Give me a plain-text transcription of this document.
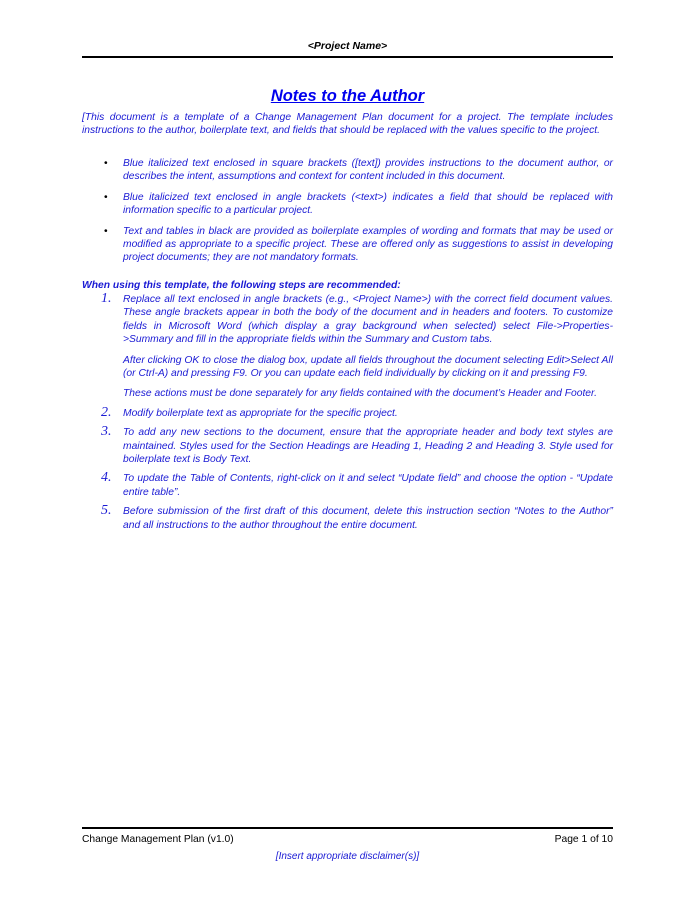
<Project Name>
Notes to the Author

[This document is a template of a Change Management Plan document for a project. The template includes instructions to the author, boilerplate text, and fields that should be replaced with the values specific to the project.

• Blue italicized text enclosed in square brackets ([text]) provides instructions to the document author, or describes the intent, assumptions and context for content included in this document.
• Blue italicized text enclosed in angle brackets (<text>) indicates a field that should be replaced with information specific to a particular project.
• Text and tables in black are provided as boilerplate examples of wording and formats that may be used or modified as appropriate to a specific project. These are offered only as suggestions to assist in developing project documents; they are not mandatory formats.

When using this template, the following steps are recommended:

1. Replace all text enclosed in angle brackets (e.g., <Project Name>) with the correct field document values. These angle brackets appear in both the body of the document and in headers and footers. To customize fields in Microsoft Word (which display a gray background when selected) select File->Properties->Summary and fill in the appropriate fields within the Summary and Custom tabs.

After clicking OK to close the dialog box, update all fields throughout the document selecting Edit>Select All (or Ctrl-A) and pressing F9. Or you can update each field individually by clicking on it and pressing F9.

These actions must be done separately for any fields contained with the document’s Header and Footer.

2. Modify boilerplate text as appropriate for the specific project.

3. To add any new sections to the document, ensure that the appropriate header and body text styles are maintained. Styles used for the Section Headings are Heading 1, Heading 2 and Heading 3. Style used for boilerplate text is Body Text.

4. To update the Table of Contents, right-click on it and select “Update field” and choose the option - “Update entire table”.

5. Before submission of the first draft of this document, delete this instruction section “Notes to the Author” and all instructions to the author throughout the entire document.

Change Management Plan (v1.0)	Page 1 of 10
[Insert appropriate disclaimer(s)]
